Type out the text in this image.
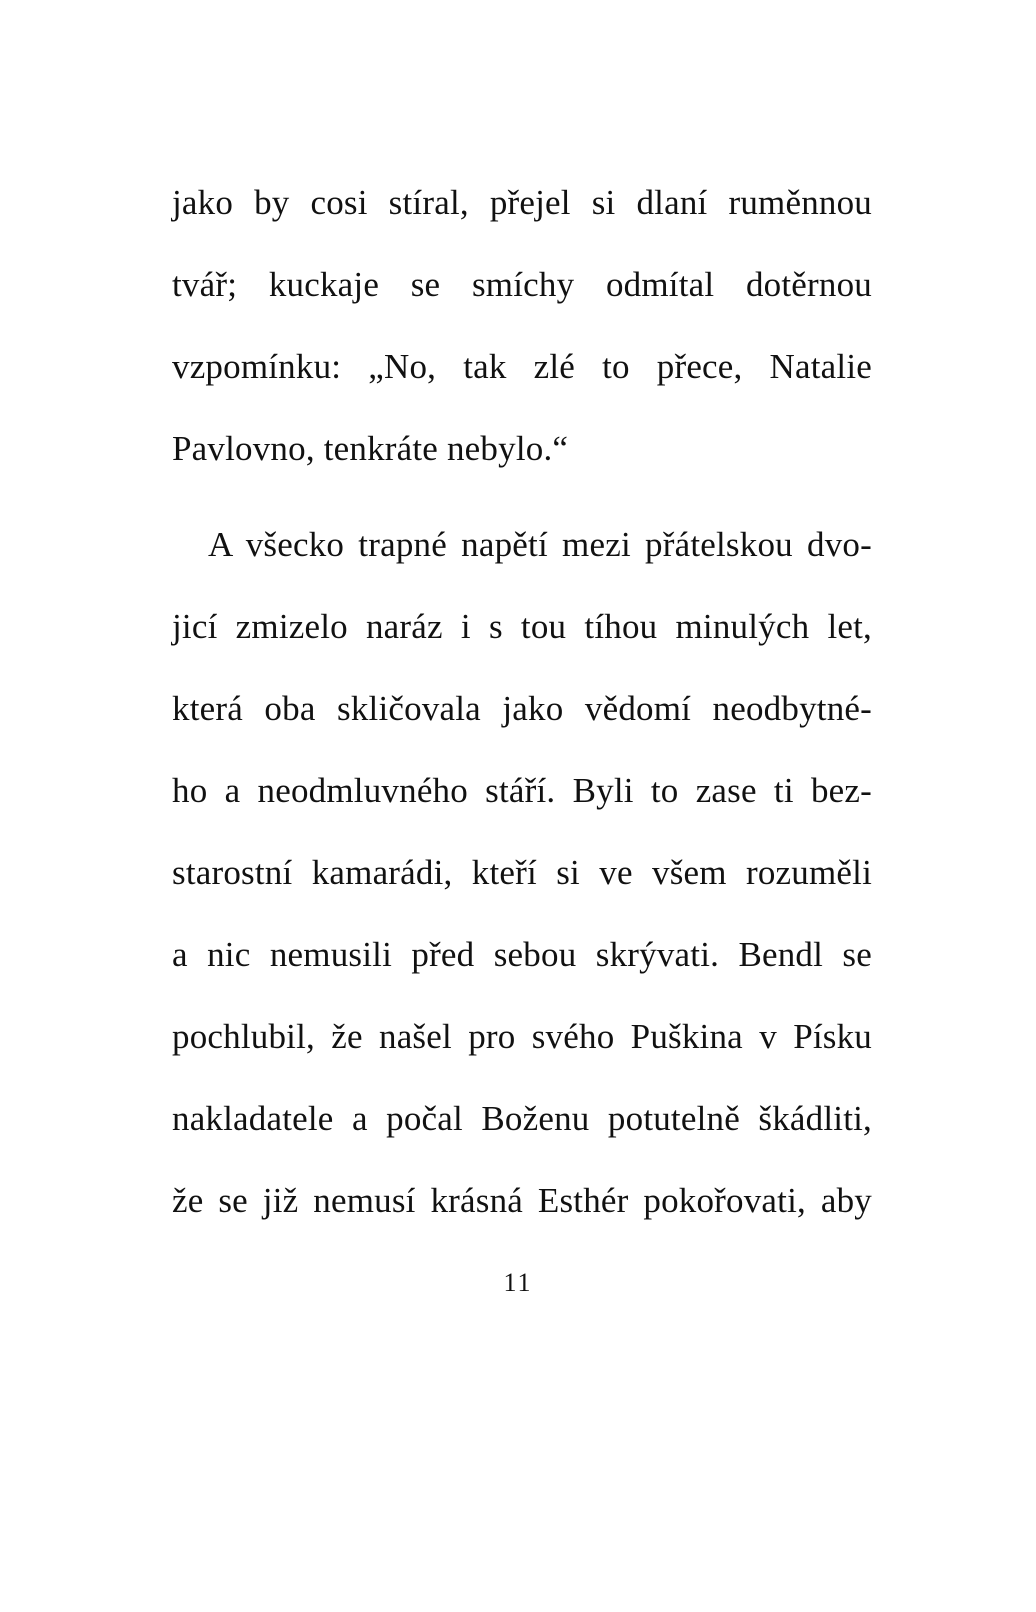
jako by cosi stíral, přejel si dlaní ruměnnou
tvář; kuckaje se smíchy odmítal dotěrnou
vzpomínku: „No, tak zlé to přece, Natalie
Pavlovno, tenkráte nebylo.“
A všecko trapné napětí mezi přátelskou dvo-
jicí zmizelo naráz i s tou tíhou minulých let,
která oba skličovala jako vědomí neodbytné-
ho a neodmluvného stáří. Byli to zase ti bez-
starostní kamarádi, kteří si ve všem rozuměli
a nic nemusili před sebou skrývati. Bendl se
pochlubil, že našel pro svého Puškina v Písku
nakladatele a počal Boženu potutelně škádliti,
že se již nemusí krásná Esthér pokořovati, aby
11
